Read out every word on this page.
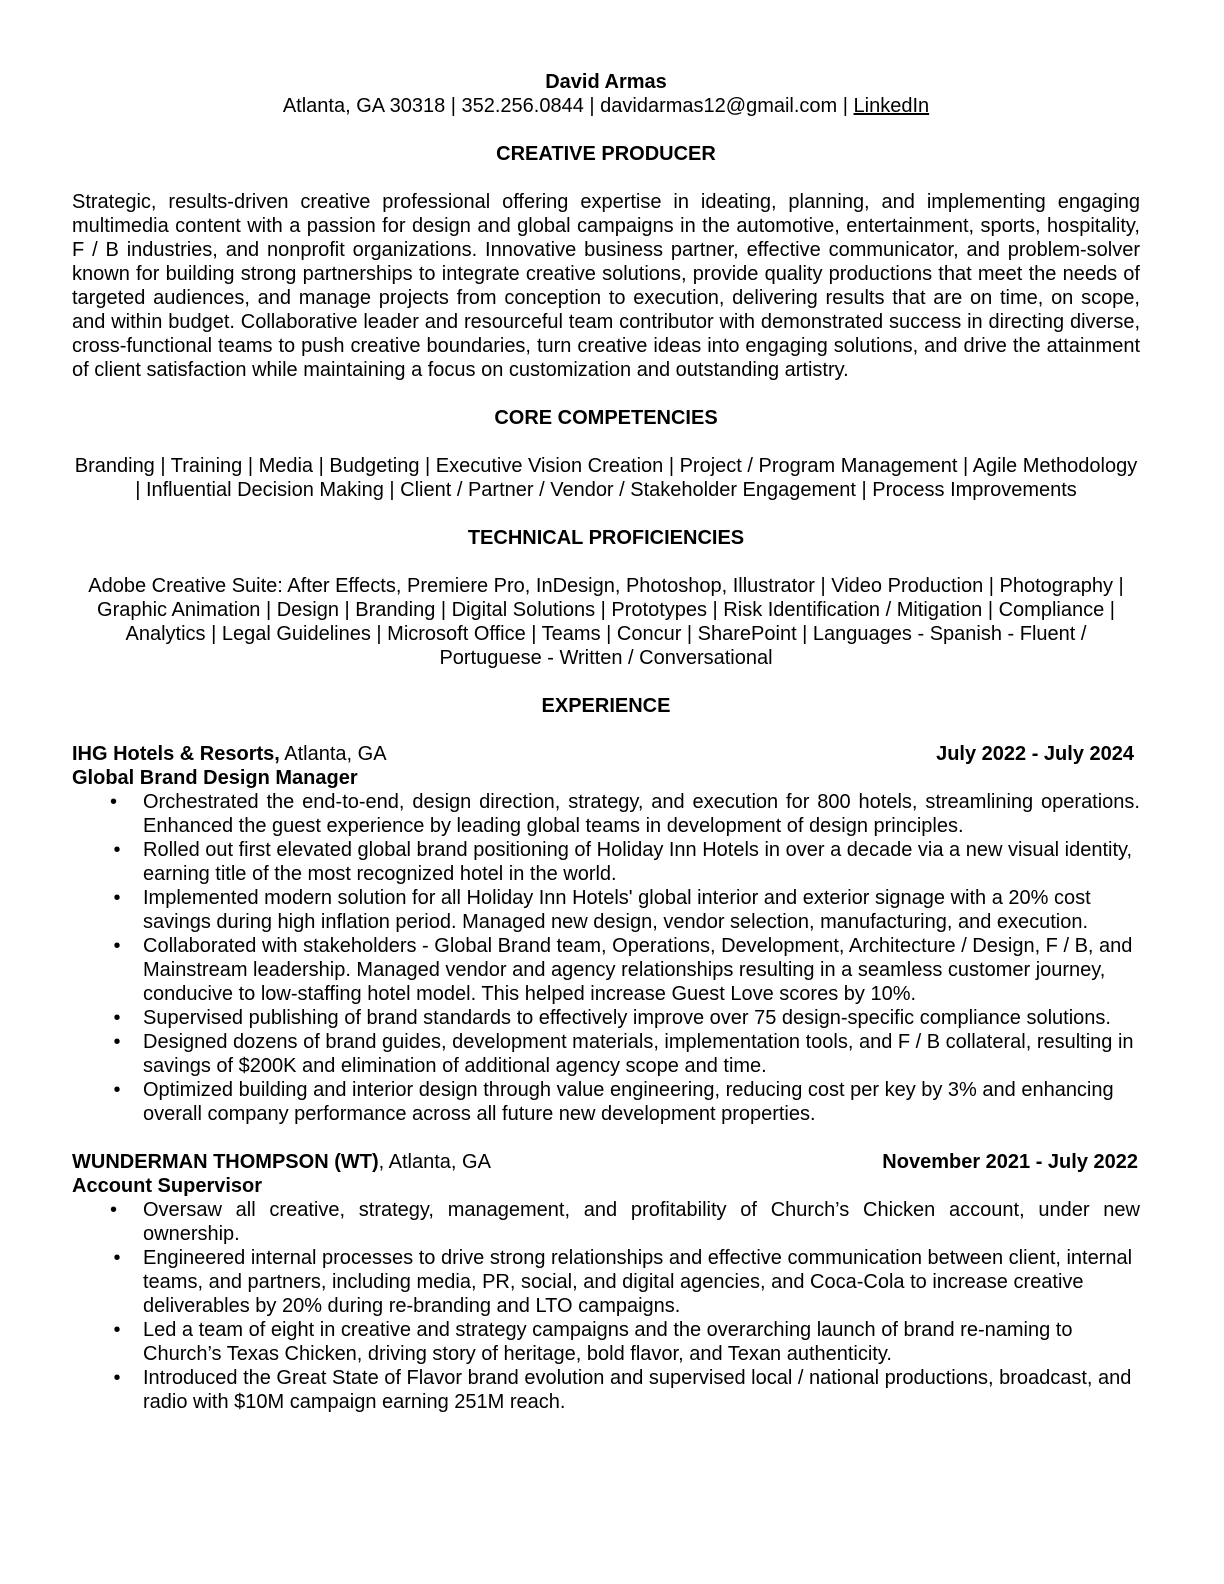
David Armas

Atlanta, GA 30318 | 352.256.0844 | davidarmas12@gmail.com | LinkedIn

CREATIVE PRODUCER

Strategic, results-driven creative professional offering expertise in ideating, planning, and implementing engaging multimedia content with a passion for design and global campaigns in the automotive, entertainment, sports, hospitality, F / B industries, and nonprofit organizations. Innovative business partner, effective communicator, and problem-solver known for building strong partnerships to integrate creative solutions, provide quality productions that meet the needs of targeted audiences, and manage projects from conception to execution, delivering results that are on time, on scope, and within budget. Collaborative leader and resourceful team contributor with demonstrated success in directing diverse, cross-functional teams to push creative boundaries, turn creative ideas into engaging solutions, and drive the attainment of client satisfaction while maintaining a focus on customization and outstanding artistry.

CORE COMPETENCIES

Branding | Training | Media | Budgeting | Executive Vision Creation | Project / Program Management | Agile Methodology | Influential Decision Making | Client / Partner / Vendor / Stakeholder Engagement | Process Improvements

TECHNICAL PROFICIENCIES

Adobe Creative Suite: After Effects, Premiere Pro, InDesign, Photoshop, Illustrator | Video Production | Photography | Graphic Animation | Design | Branding | Digital Solutions | Prototypes | Risk Identification / Mitigation | Compliance | Analytics | Legal Guidelines | Microsoft Office | Teams | Concur | SharePoint | Languages - Spanish - Fluent / Portuguese - Written / Conversational

EXPERIENCE
IHG Hotels & Resorts, Atlanta, GA	July 2022 - July 2024

Global Brand Design Manager

•	Orchestrated the end-to-end, design direction, strategy, and execution for 800 hotels, streamlining operations. Enhanced the guest experience by leading global teams in development of design principles.
• Rolled out first elevated global brand positioning of Holiday Inn Hotels in over a decade via a new visual identity, earning title of the most recognized hotel in the world.
• Implemented modern solution for all Holiday Inn Hotels' global interior and exterior signage with a 20% cost savings during high inflation period. Managed new design, vendor selection, manufacturing, and execution.
• Collaborated with stakeholders - Global Brand team, Operations, Development, Architecture / Design, F / B, and Mainstream leadership. Managed vendor and agency relationships resulting in a seamless customer journey, conducive to low-staffing hotel model. This helped increase Guest Love scores by 10%.
• Supervised publishing of brand standards to effectively improve over 75 design-specific compliance solutions.
• Designed dozens of brand guides, development materials, implementation tools, and F / B collateral, resulting in savings of $200K and elimination of additional agency scope and time.
• Optimized building and interior design through value engineering, reducing cost per key by 3% and enhancing overall company performance across all future new development properties.
WUNDERMAN THOMPSON (WT), Atlanta, GA	November 2021 - July 2022

Account Supervisor

•	Oversaw all creative, strategy, management, and profitability of Church’s Chicken account, under new ownership.
• Engineered internal processes to drive strong relationships and effective communication between client, internal teams, and partners, including media, PR, social, and digital agencies, and Coca-Cola to increase creative deliverables by 20% during re-branding and LTO campaigns.
• Led a team of eight in creative and strategy campaigns and the overarching launch of brand re-naming to Church’s Texas Chicken, driving story of heritage, bold flavor, and Texan authenticity.
• Introduced the Great State of Flavor brand evolution and supervised local / national productions, broadcast, and radio with $10M campaign earning 251M reach.
